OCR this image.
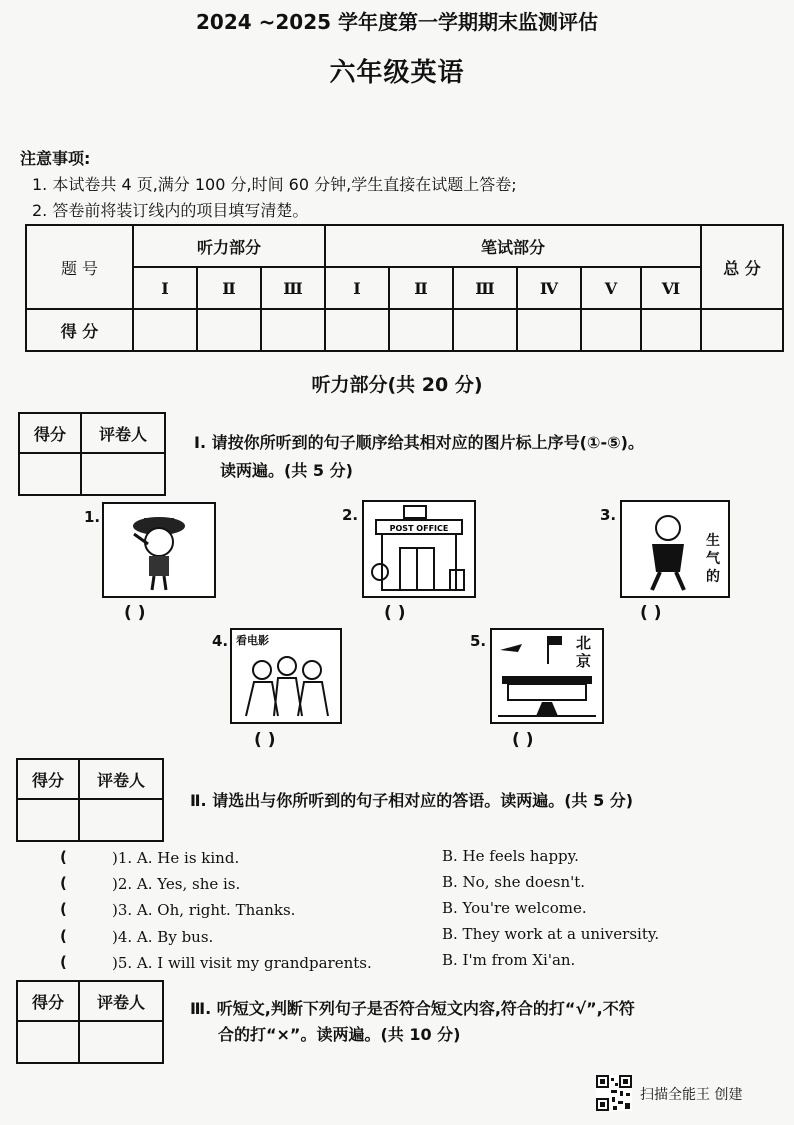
2024 ~2025 学年度第一学期期末监测评估
六年级英语
注意事项:
1. 本试卷共 4 页,满分 100 分,时间 60 分钟,学生直接在试题上答卷;
2. 答卷前将装订线内的项目填写清楚。
题 号	听力部分			笔试部分						总 分
	Ⅰ	Ⅱ	Ⅲ	Ⅰ	Ⅱ	Ⅲ	Ⅳ	Ⅴ	Ⅵ	
得 分										
听力部分(共 20 分)
得分	评卷人
		Ⅰ. 请按你所听到的句子顺序给其相对应的图片标上序号(①-⑤)。
读两遍。(共 5 分)
1.
( )
2.
POST OFFICE
( )
3.
生气的
( )
4. 看电影
( )
5.	北京
( )
得分	评卷人

Ⅱ. 请选出与你所听到的句子相对应的答语。读两遍。(共 5 分)
(	)1. A. He is kind.	B. He feels happy.
(	)2. A. Yes, she is.	B. No, she doesn't.
(	)3. A. Oh, right. Thanks.	B. You're welcome.
(	)4. A. By bus.	B. They work at a university.
(	)5. A. I will visit my grandparents.	B. I'm from Xi'an.
得分	评卷人
		Ⅲ. 听短文,判断下列句子是否符合短文内容,符合的打“√”,不符
合的打“×”。读两遍。(共 10 分)
扫描全能王 创建
